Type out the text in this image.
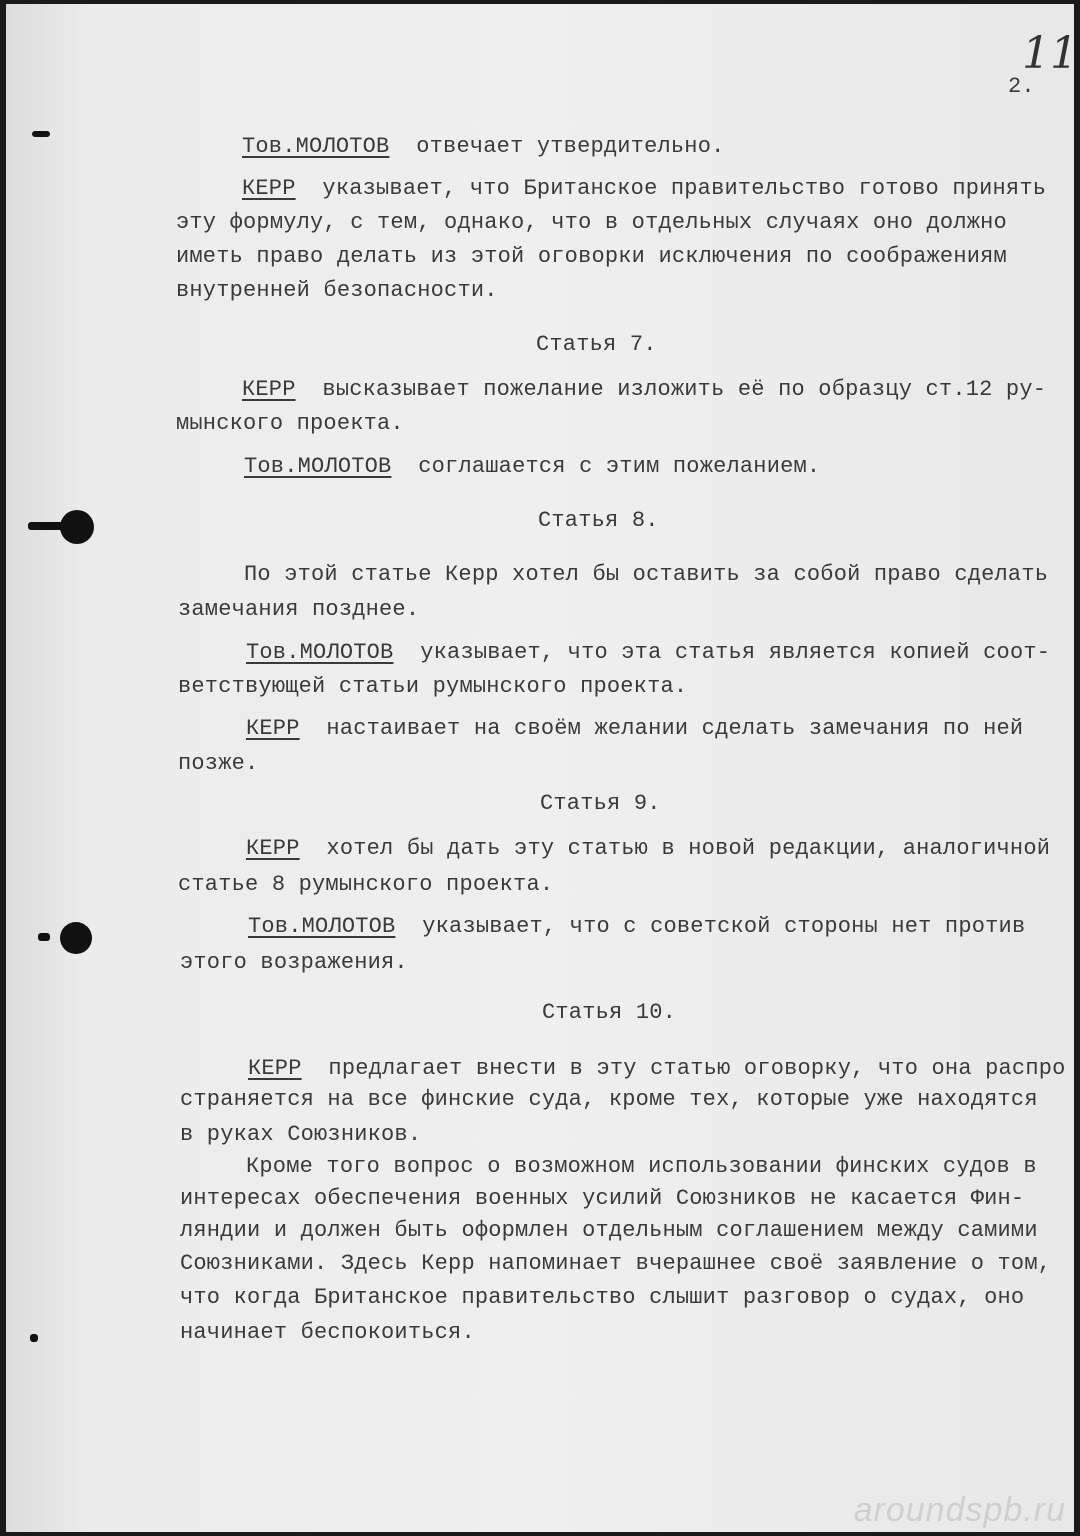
11

2.

Тов.МОЛОТОВ отвечает утвердительно.

КЕРР указывает, что Британское правительство готово принять

эту формулу, с тем, однако, что в отдельных случаях оно должно

иметь право делать из этой оговорки исключения по соображениям

внутренней безопасности.

Статья 7.

КЕРР высказывает пожелание изложить её по образцу ст.12 ру-

мынского проекта.

Тов.МОЛОТОВ соглашается с этим пожеланием.

Статья 8.

По этой статье Керр хотел бы оставить за собой право сделать

замечания позднее.

Тов.МОЛОТОВ указывает, что эта статья является копией соот-

ветствующей статьи румынского проекта.

КЕРР настаивает на своём желании сделать замечания по ней

позже.

Статья 9.

КЕРР хотел бы дать эту статью в новой редакции, аналогичной

статье 8 румынского проекта.

Тов.МОЛОТОВ указывает, что с советской стороны нет против

этого возражения.

Статья 10.

КЕРР предлагает внести в эту статью оговорку, что она распро

страняется на все финские суда, кроме тех, которые уже находятся

в руках Союзников.

Кроме того вопрос о возможном использовании финских судов в

интересах обеспечения военных усилий Союзников не касается Фин-

ляндии и должен быть оформлен отдельным соглашением между самими

Союзниками. Здесь Керр напоминает вчерашнее своё заявление о том,

что когда Британское правительство слышит разговор о судах, оно

начинает беспокоиться.

aroundspb.ru
